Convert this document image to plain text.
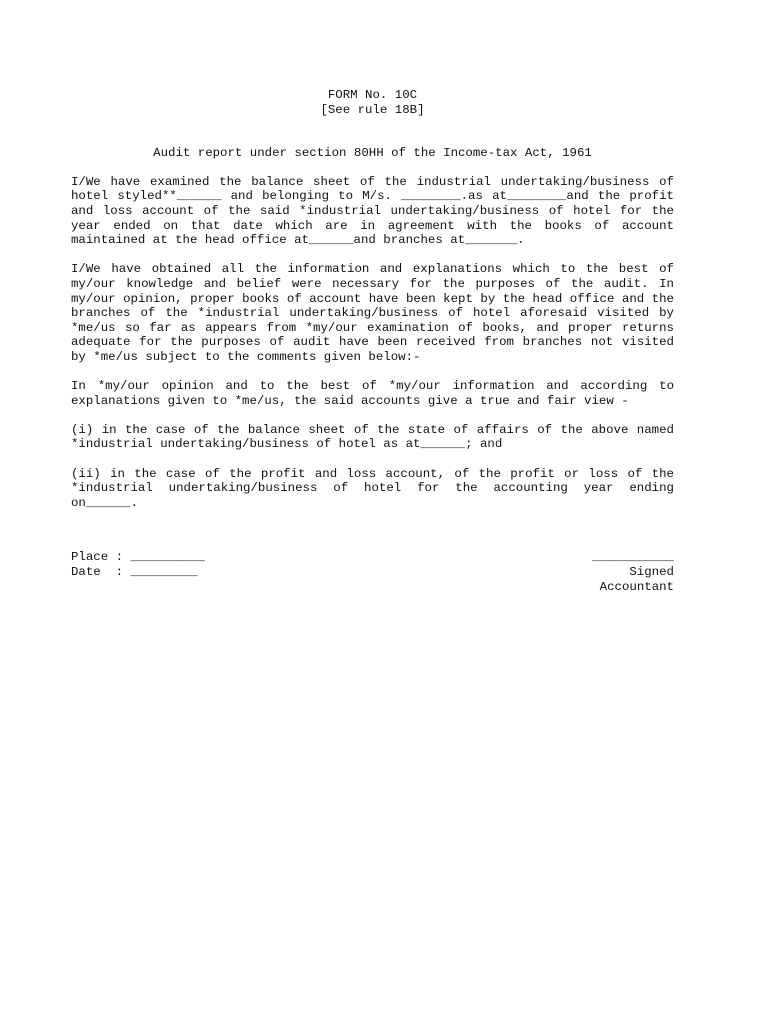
FORM No. 10C
[See rule 18B]
Audit report under section 80HH of the Income-tax Act, 1961

I/We have examined the balance sheet of the industrial undertaking/business of hotel styled**______ and belonging to M/s. ________.as at________and the profit and loss account of the said *industrial undertaking/business of hotel for the year ended on that date which are in agreement with the books of account maintained at the head office at______and branches at_______.

I/We have obtained all the information and explanations which to the best of my/our knowledge and belief were necessary for the purposes of the audit. In my/our opinion, proper books of account have been kept by the head office and the branches of the *industrial undertaking/business of hotel aforesaid visited by *me/us so far as appears from *my/our examination of books, and proper returns adequate for the purposes of audit have been received from branches not visited by *me/us subject to the comments given below:-

In *my/our opinion and to the best of *my/our information and according to explanations given to *me/us, the said accounts give a true and fair view -

(i) in the case of the balance sheet of the state of affairs of the above named *industrial undertaking/business of hotel as at______; and

(ii) in the case of the profit and loss account, of the profit or loss of the *industrial undertaking/business of hotel for the accounting year ending on______.

Place : __________
Date  : _________
___________
Signed
Accountant
